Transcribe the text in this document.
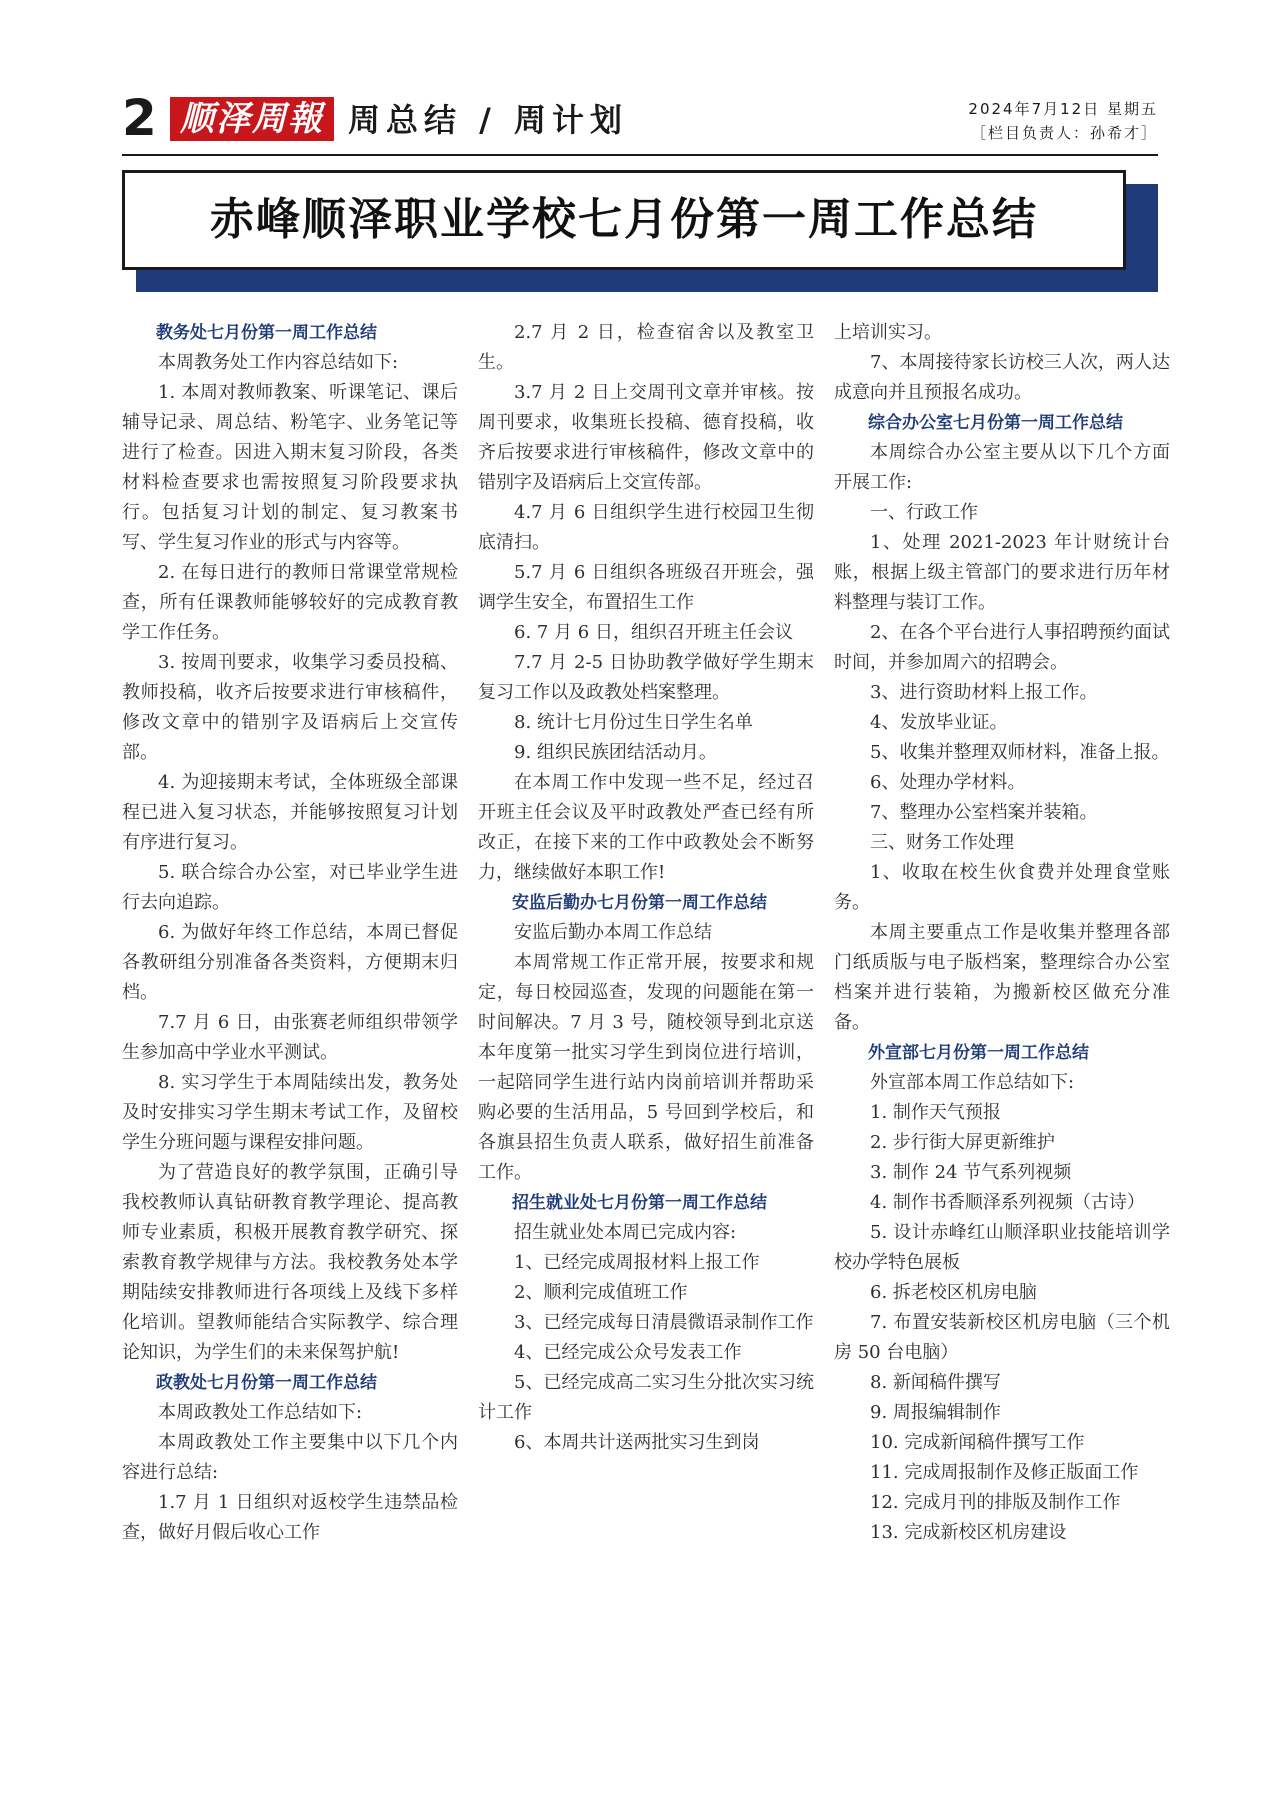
2 顺泽周報 周总结 / 周计划	2024年7月12日 星期五
［栏目负责人：孙希才］
赤峰顺泽职业学校七月份第一周工作总结
教务处七月份第一周工作总结

本周教务处工作内容总结如下:

1. 本周对教师教案、听课笔记、课后辅导记录、周总结、粉笔字、业务笔记等进行了检查。因进入期末复习阶段，各类材料检查要求也需按照复习阶段要求执行。包括复习计划的制定、复习教案书写、学生复习作业的形式与内容等。

2. 在每日进行的教师日常课堂常规检查，所有任课教师能够较好的完成教育教学工作任务。

3. 按周刊要求，收集学习委员投稿、教师投稿，收齐后按要求进行审核稿件，修改文章中的错别字及语病后上交宣传部。

4. 为迎接期末考试，全体班级全部课程已进入复习状态，并能够按照复习计划有序进行复习。

5. 联合综合办公室，对已毕业学生进行去向追踪。

6. 为做好年终工作总结，本周已督促各教研组分别准备各类资料，方便期末归档。

7.7 月 6 日，由张赛老师组织带领学生参加高中学业水平测试。

8. 实习学生于本周陆续出发，教务处及时安排实习学生期末考试工作，及留校学生分班问题与课程安排问题。

为了营造良好的教学氛围，正确引导我校教师认真钻研教育教学理论、提高教师专业素质，积极开展教育教学研究、探索教育教学规律与方法。我校教务处本学期陆续安排教师进行各项线上及线下多样化培训。望教师能结合实际教学、综合理论知识，为学生们的未来保驾护航!

政教处七月份第一周工作总结

本周政教处工作总结如下:

本周政教处工作主要集中以下几个内容进行总结:

1.7 月 1 日组织对返校学生违禁品检查，做好月假后收心工作

2.7 月 2 日，检查宿舍以及教室卫生。

3.7 月 2 日上交周刊文章并审核。按周刊要求，收集班长投稿、德育投稿，收齐后按要求进行审核稿件，修改文章中的错别字及语病后上交宣传部。

4.7 月 6 日组织学生进行校园卫生彻底清扫。

5.7 月 6 日组织各班级召开班会，强调学生安全，布置招生工作

6. 7 月 6 日，组织召开班主任会议

7.7 月 2-5 日协助教学做好学生期末复习工作以及政教处档案整理。

8. 统计七月份过生日学生名单

9. 组织民族团结活动月。

在本周工作中发现一些不足，经过召开班主任会议及平时政教处严查已经有所改正，在接下来的工作中政教处会不断努力，继续做好本职工作!

安监后勤办七月份第一周工作总结

安监后勤办本周工作总结

本周常规工作正常开展，按要求和规定，每日校园巡查，发现的问题能在第一时间解决。7 月 3 号，随校领导到北京送本年度第一批实习学生到岗位进行培训，一起陪同学生进行站内岗前培训并帮助采购必要的生活用品，5 号回到学校后，和各旗县招生负责人联系，做好招生前准备工作。

招生就业处七月份第一周工作总结

招生就业处本周已完成内容:

1、已经完成周报材料上报工作

2、顺利完成值班工作

3、已经完成每日清晨微语录制作工作

4、已经完成公众号发表工作

5、已经完成高二实习生分批次实习统计工作

6、本周共计送两批实习生到岗

上培训实习。

7、本周接待家长访校三人次，两人达成意向并且预报名成功。

综合办公室七月份第一周工作总结

本周综合办公室主要从以下几个方面开展工作:

一、行政工作

1、处理 2021-2023 年计财统计台账，根据上级主管部门的要求进行历年材料整理与装订工作。

2、在各个平台进行人事招聘预约面试时间，并参加周六的招聘会。

3、进行资助材料上报工作。

4、发放毕业证。

5、收集并整理双师材料，准备上报。

6、处理办学材料。

7、整理办公室档案并装箱。

三、财务工作处理

1、收取在校生伙食费并处理食堂账务。

本周主要重点工作是收集并整理各部门纸质版与电子版档案，整理综合办公室档案并进行装箱，为搬新校区做充分准备。

外宣部七月份第一周工作总结

外宣部本周工作总结如下:

1. 制作天气预报

2. 步行街大屏更新维护

3. 制作 24 节气系列视频

4. 制作书香顺泽系列视频（古诗）

5. 设计赤峰红山顺泽职业技能培训学校办学特色展板

6. 拆老校区机房电脑

7. 布置安装新校区机房电脑（三个机房 50 台电脑）

8. 新闻稿件撰写

9. 周报编辑制作

10. 完成新闻稿件撰写工作

11. 完成周报制作及修正版面工作

12. 完成月刊的排版及制作工作

13. 完成新校区机房建设
